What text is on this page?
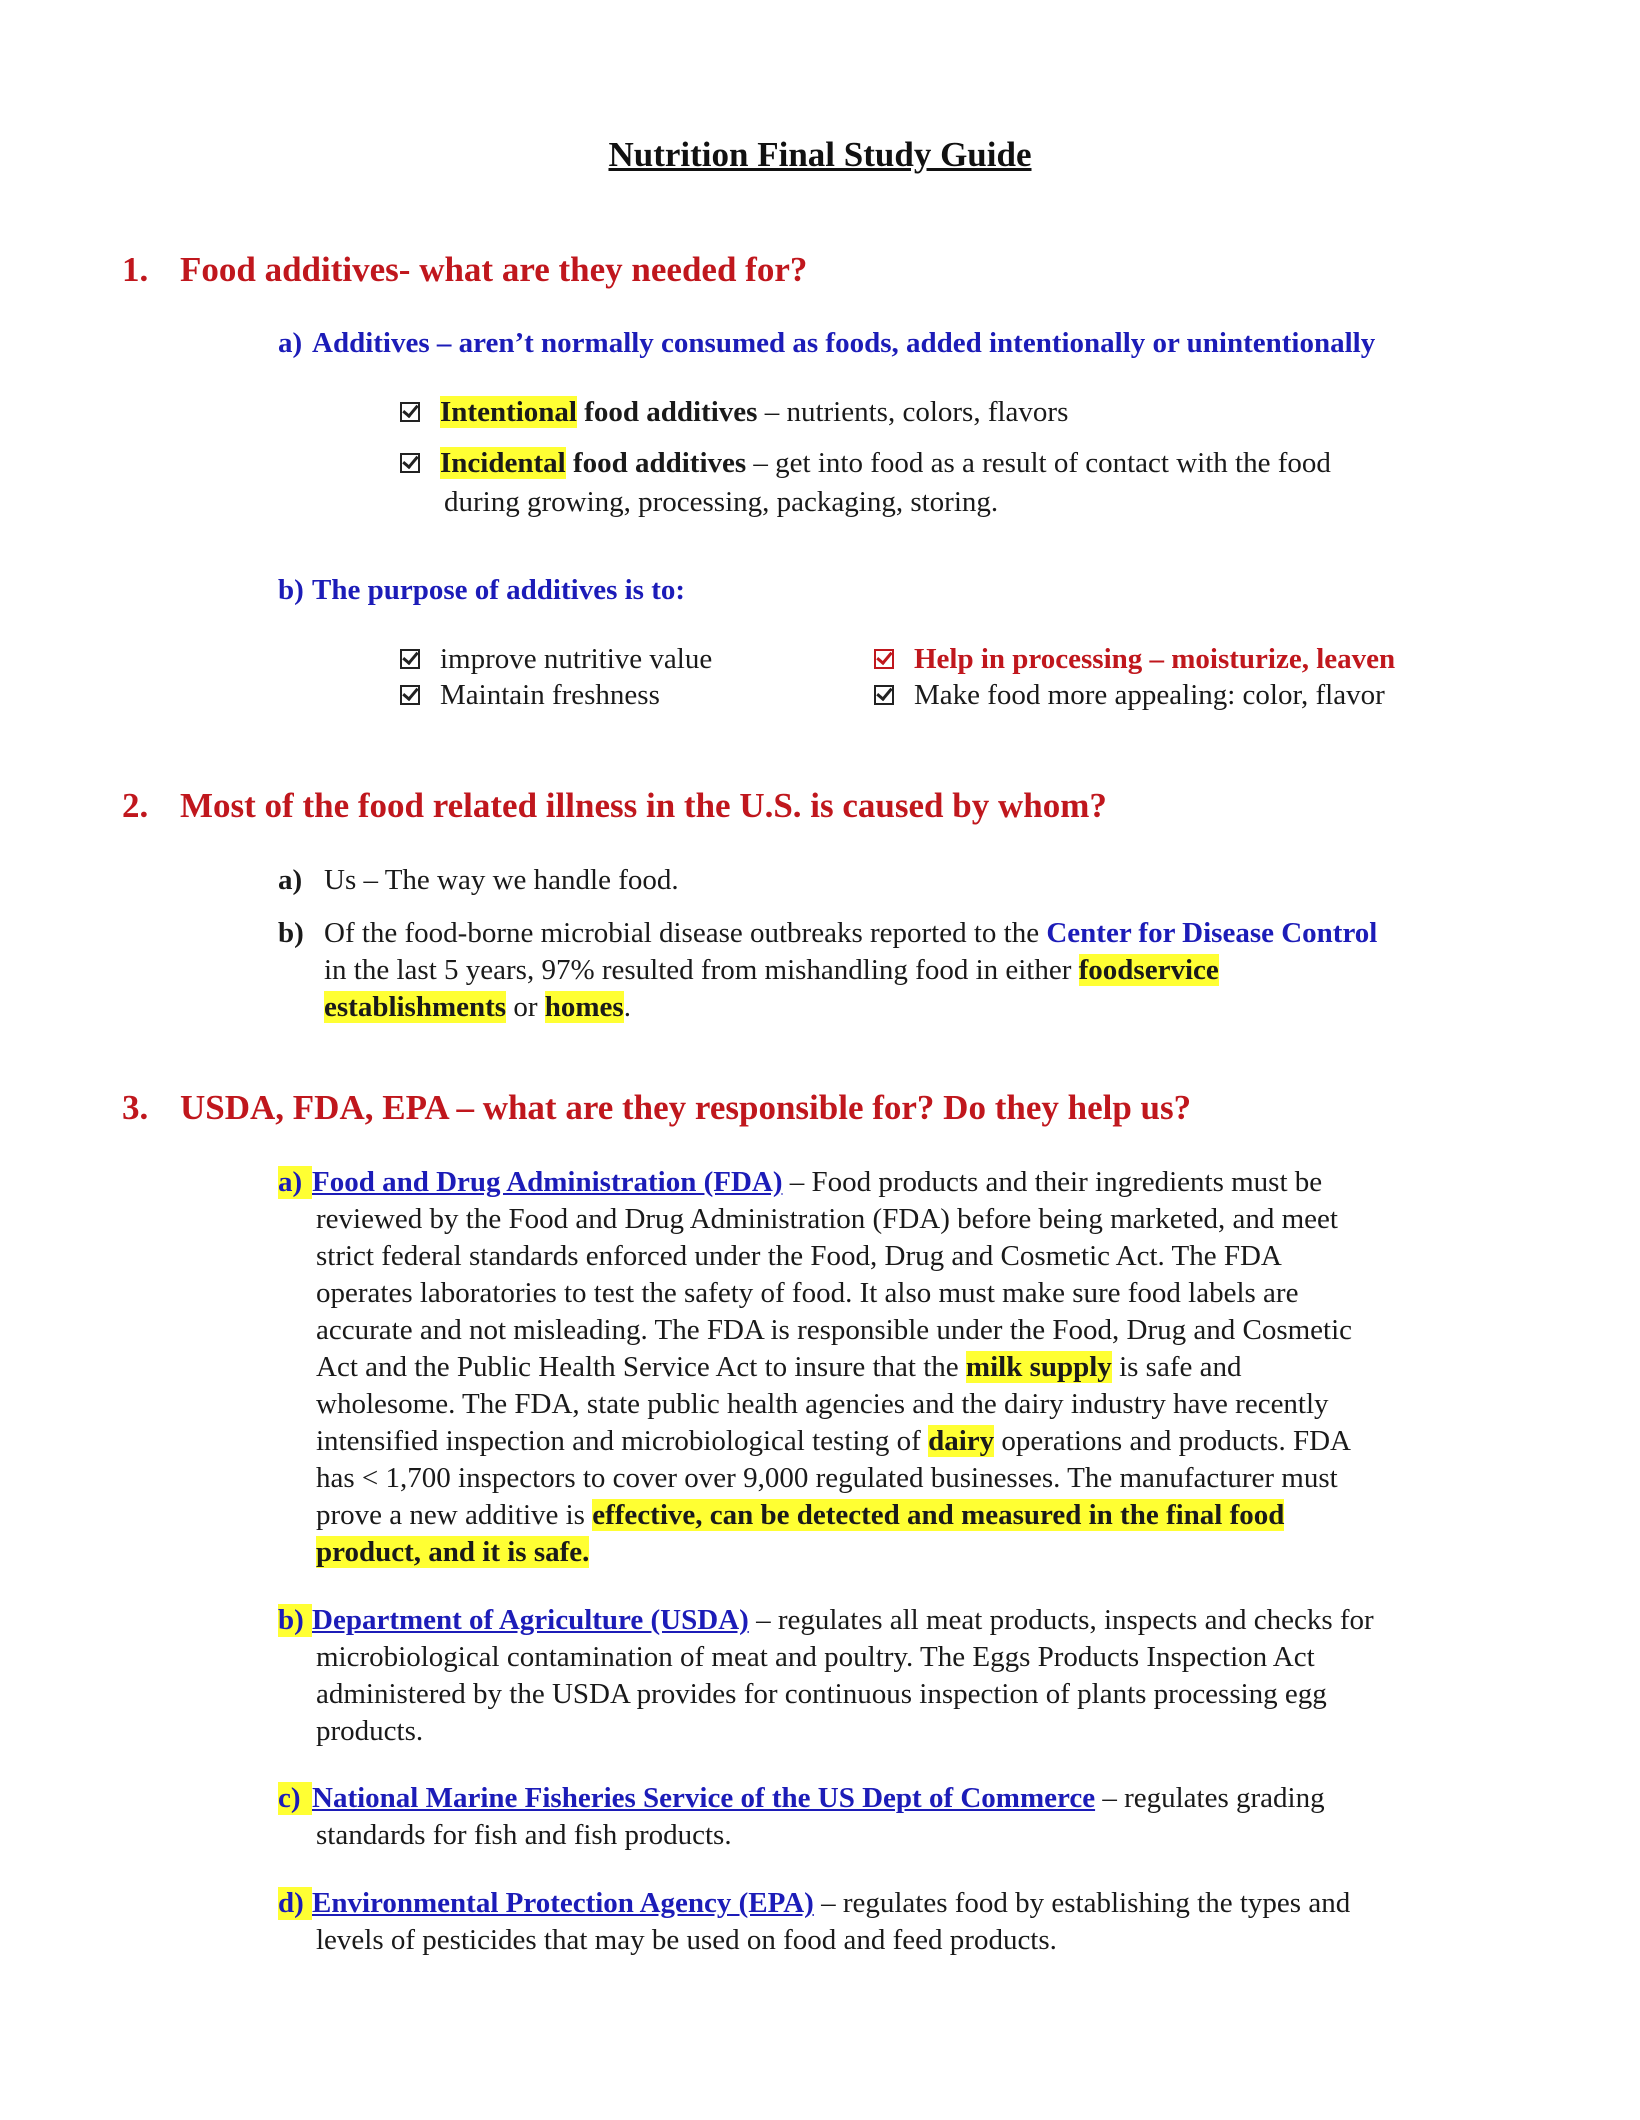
Nutrition Final Study Guide
1. Food additives- what are they needed for?
a) Additives – aren’t normally consumed as foods, added intentionally or unintentionally
Intentional food additives – nutrients, colors, flavors
Incidental food additives – get into food as a result of contact with the food
during growing, processing, packaging, storing.
b) The purpose of additives is to:
improve nutritive value
Maintain freshness
Help in processing – moisturize, leaven
Make food more appealing: color, flavor
2. Most of the food related illness in the U.S. is caused by whom?
a) Us – The way we handle food.
b) Of the food-borne microbial disease outbreaks reported to the Center for Disease Control
in the last 5 years, 97% resulted from mishandling food in either foodservice
establishments or homes.
3. USDA, FDA, EPA – what are they responsible for? Do they help us?
a) Food and Drug Administration (FDA) – Food products and their ingredients must be
reviewed by the Food and Drug Administration (FDA) before being marketed, and meet
strict federal standards enforced under the Food, Drug and Cosmetic Act. The FDA
operates laboratories to test the safety of food. It also must make sure food labels are
accurate and not misleading. The FDA is responsible under the Food, Drug and Cosmetic
Act and the Public Health Service Act to insure that the milk supply is safe and
wholesome. The FDA, state public health agencies and the dairy industry have recently
intensified inspection and microbiological testing of dairy operations and products. FDA
has < 1,700 inspectors to cover over 9,000 regulated businesses. The manufacturer must
prove a new additive is effective, can be detected and measured in the final food
product, and it is safe.
b) Department of Agriculture (USDA) – regulates all meat products, inspects and checks for
microbiological contamination of meat and poultry. The Eggs Products Inspection Act
administered by the USDA provides for continuous inspection of plants processing egg
products.
c) National Marine Fisheries Service of the US Dept of Commerce – regulates grading
standards for fish and fish products.
d) Environmental Protection Agency (EPA) – regulates food by establishing the types and
levels of pesticides that may be used on food and feed products.
